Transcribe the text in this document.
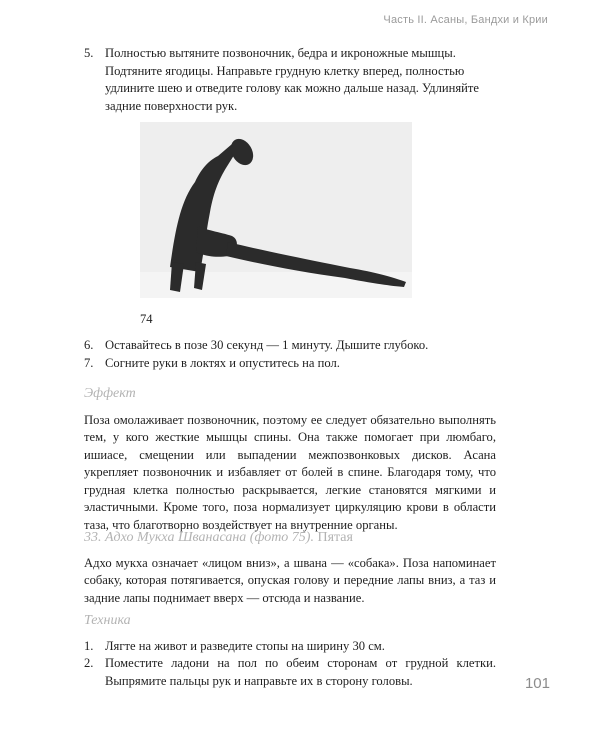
Часть II. Асаны, Бандхи и Крии

5. Полностью вытяните позвоночник, бедра и икроножные мышцы. Подтяните ягодицы. Направьте грудную клетку вперед, полностью удлините шею и отведите голову как можно дальше назад. Удлиняйте задние поверхности рук.

74

6. Оставайтесь в позе 30 секунд — 1 минуту. Дышите глубоко.

7. Согните руки в локтях и опуститесь на пол.

Эффект

Поза омолаживает позвоночник, поэтому ее следует обязательно выполнять тем, у кого жесткие мышцы спины. Она также помогает при люмбаго, ишиасе, смещении или выпадении межпозвонковых дисков. Асана укрепляет позвоночник и избавляет от болей в спине. Благодаря тому, что грудная клетка полностью раскрывается, легкие становятся мягкими и эластичными. Кроме того, поза нормализует циркуляцию крови в области таза, что благотворно воздействует на внутренние органы.

33. Адхо Мукха Шванасана (фото 75). Пятая

Адхо мукха означает «лицом вниз», а швана — «собака». Поза напоминает собаку, которая потягивается, опуская голову и передние лапы вниз, а таз и задние лапы поднимает вверх — отсюда и название.

Техника

1. Лягте на живот и разведите стопы на ширину 30 см.

2. Поместите ладони на пол по обеим сторонам от грудной клетки. Выпрямите пальцы рук и направьте их в сторону головы.	101
